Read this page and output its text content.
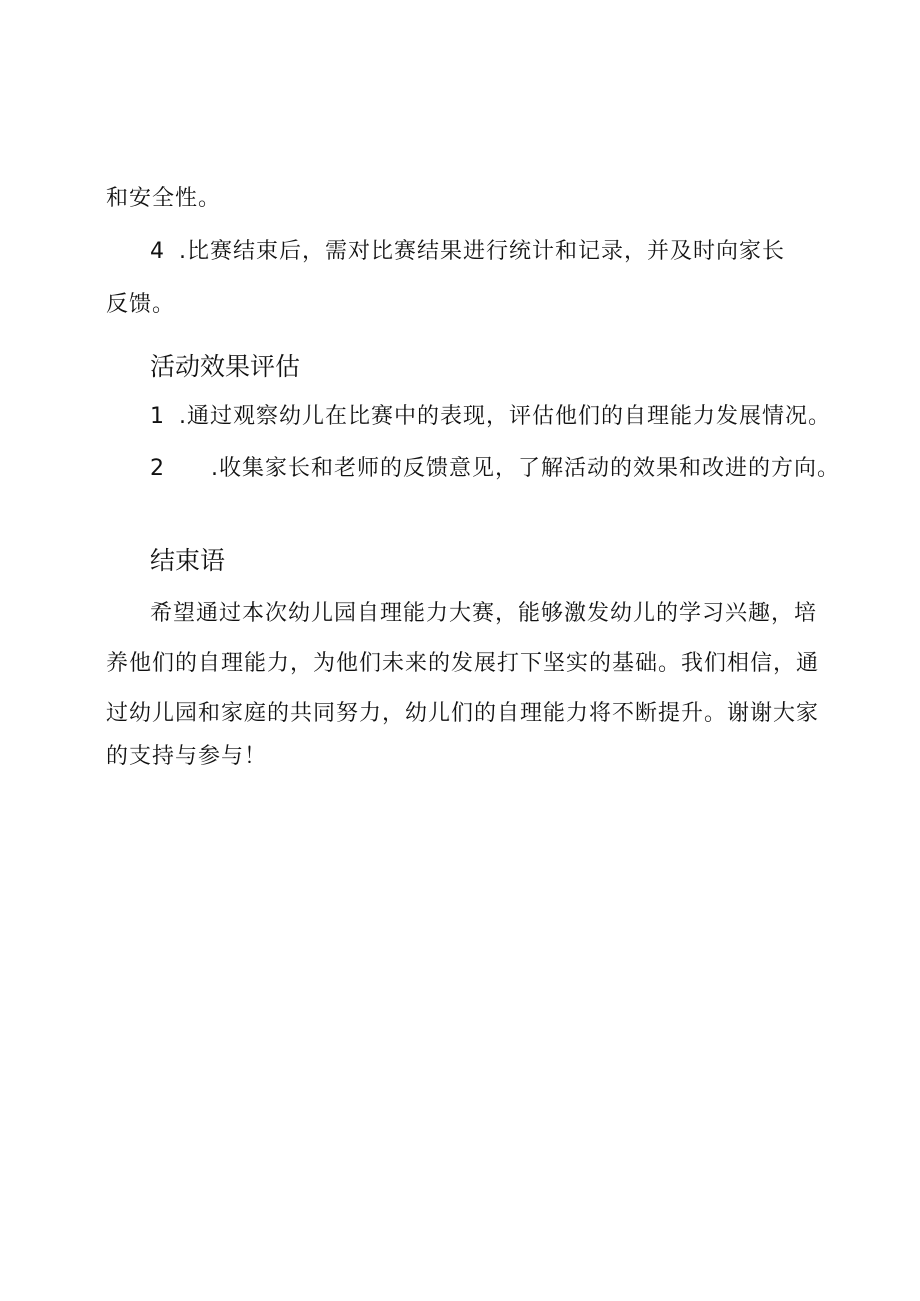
和安全性。
4 .比赛结束后，需对比赛结果进行统计和记录，并及时向家长
反馈。
活动效果评估
1 .通过观察幼儿在比赛中的表现，评估他们的自理能力发展情况。
2 .收集家长和老师的反馈意见，了解活动的效果和改进的方向。
结束语
希望通过本次幼儿园自理能力大赛，能够激发幼儿的学习兴趣，培
养他们的自理能力，为他们未来的发展打下坚实的基础。我们相信，通
过幼儿园和家庭的共同努力，幼儿们的自理能力将不断提升。谢谢大家
的支持与参与！
